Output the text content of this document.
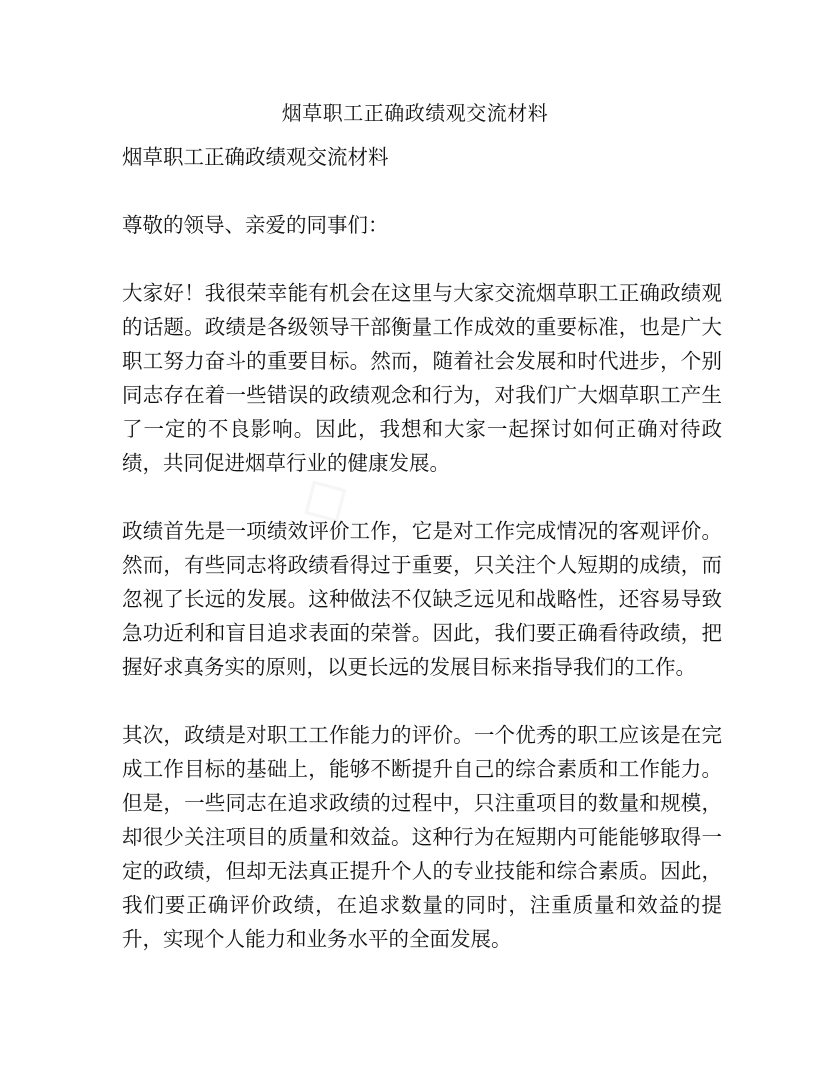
烟草职工正确政绩观交流材料

烟草职工正确政绩观交流材料

尊敬的领导、亲爱的同事们：

大家好！我很荣幸能有机会在这里与大家交流烟草职工正确政绩观的话题。政绩是各级领导干部衡量工作成效的重要标准，也是广大职工努力奋斗的重要目标。然而，随着社会发展和时代进步，个别同志存在着一些错误的政绩观念和行为，对我们广大烟草职工产生了一定的不良影响。因此，我想和大家一起探讨如何正确对待政绩，共同促进烟草行业的健康发展。

政绩首先是一项绩效评价工作，它是对工作完成情况的客观评价。然而，有些同志将政绩看得过于重要，只关注个人短期的成绩，而忽视了长远的发展。这种做法不仅缺乏远见和战略性，还容易导致急功近利和盲目追求表面的荣誉。因此，我们要正确看待政绩，把握好求真务实的原则，以更长远的发展目标来指导我们的工作。

其次，政绩是对职工工作能力的评价。一个优秀的职工应该是在完成工作目标的基础上，能够不断提升自己的综合素质和工作能力。但是，一些同志在追求政绩的过程中，只注重项目的数量和规模，却很少关注项目的质量和效益。这种行为在短期内可能能够取得一定的政绩，但却无法真正提升个人的专业技能和综合素质。因此，我们要正确评价政绩，在追求数量的同时，注重质量和效益的提升，实现个人能力和业务水平的全面发展。
